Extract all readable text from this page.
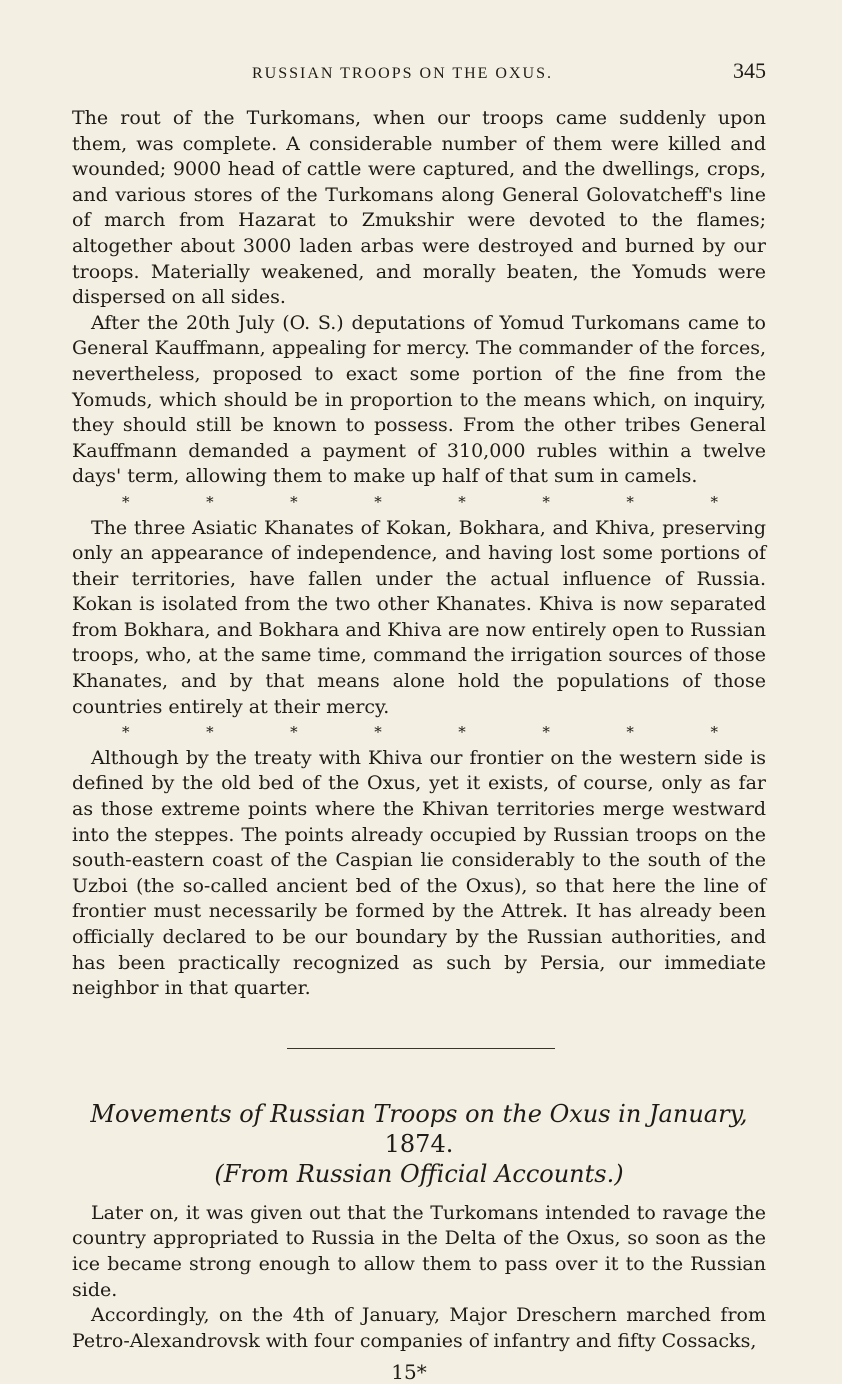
RUSSIAN TROOPS ON THE OXUS.	345

The rout of the Turkomans, when our troops came suddenly upon them, was complete. A considerable number of them were killed and wounded; 9000 head of cattle were captured, and the dwellings, crops, and various stores of the Turkomans along General Golovatcheff's line of march from Hazarat to Zmukshir were devoted to the flames; altogether about 3000 laden arbas were destroyed and burned by our troops. Materially weakened, and morally beaten, the Yomuds were dispersed on all sides.

After the 20th July (O. S.) deputations of Yomud Turkomans came to General Kauffmann, appealing for mercy. The commander of the forces, nevertheless, proposed to exact some portion of the fine from the Yomuds, which should be in proportion to the means which, on inquiry, they should still be known to possess. From the other tribes General Kauffmann demanded a payment of 310,000 rubles within a twelve days' term, allowing them to make up half of that sum in camels.

*	*	*	*	*	*	*	*

The three Asiatic Khanates of Kokan, Bokhara, and Khiva, preserving only an appearance of independence, and having lost some portions of their territories, have fallen under the actual influence of Russia. Kokan is isolated from the two other Khanates. Khiva is now separated from Bokhara, and Bokhara and Khiva are now entirely open to Russian troops, who, at the same time, command the irrigation sources of those Khanates, and by that means alone hold the populations of those countries entirely at their mercy.

*	*	*	*	*	*	*	*

Although by the treaty with Khiva our frontier on the western side is defined by the old bed of the Oxus, yet it exists, of course, only as far as those extreme points where the Khivan territories merge westward into the steppes. The points already occupied by Russian troops on the south-eastern coast of the Caspian lie considerably to the south of the Uzboi (the so-called ancient bed of the Oxus), so that here the line of frontier must necessarily be formed by the Attrek. It has already been officially declared to be our boundary by the Russian authorities, and has been practically recognized as such by Persia, our immediate neighbor in that quarter.

Movements of Russian Troops on the Oxus in January, 1874.
(From Russian Official Accounts.)

Later on, it was given out that the Turkomans intended to ravage the country appropriated to Russia in the Delta of the Oxus, so soon as the ice became strong enough to allow them to pass over it to the Russian side.

Accordingly, on the 4th of January, Major Dreschern marched from Petro-Alexandrovsk with four companies of infantry and fifty Cossacks,

15*
